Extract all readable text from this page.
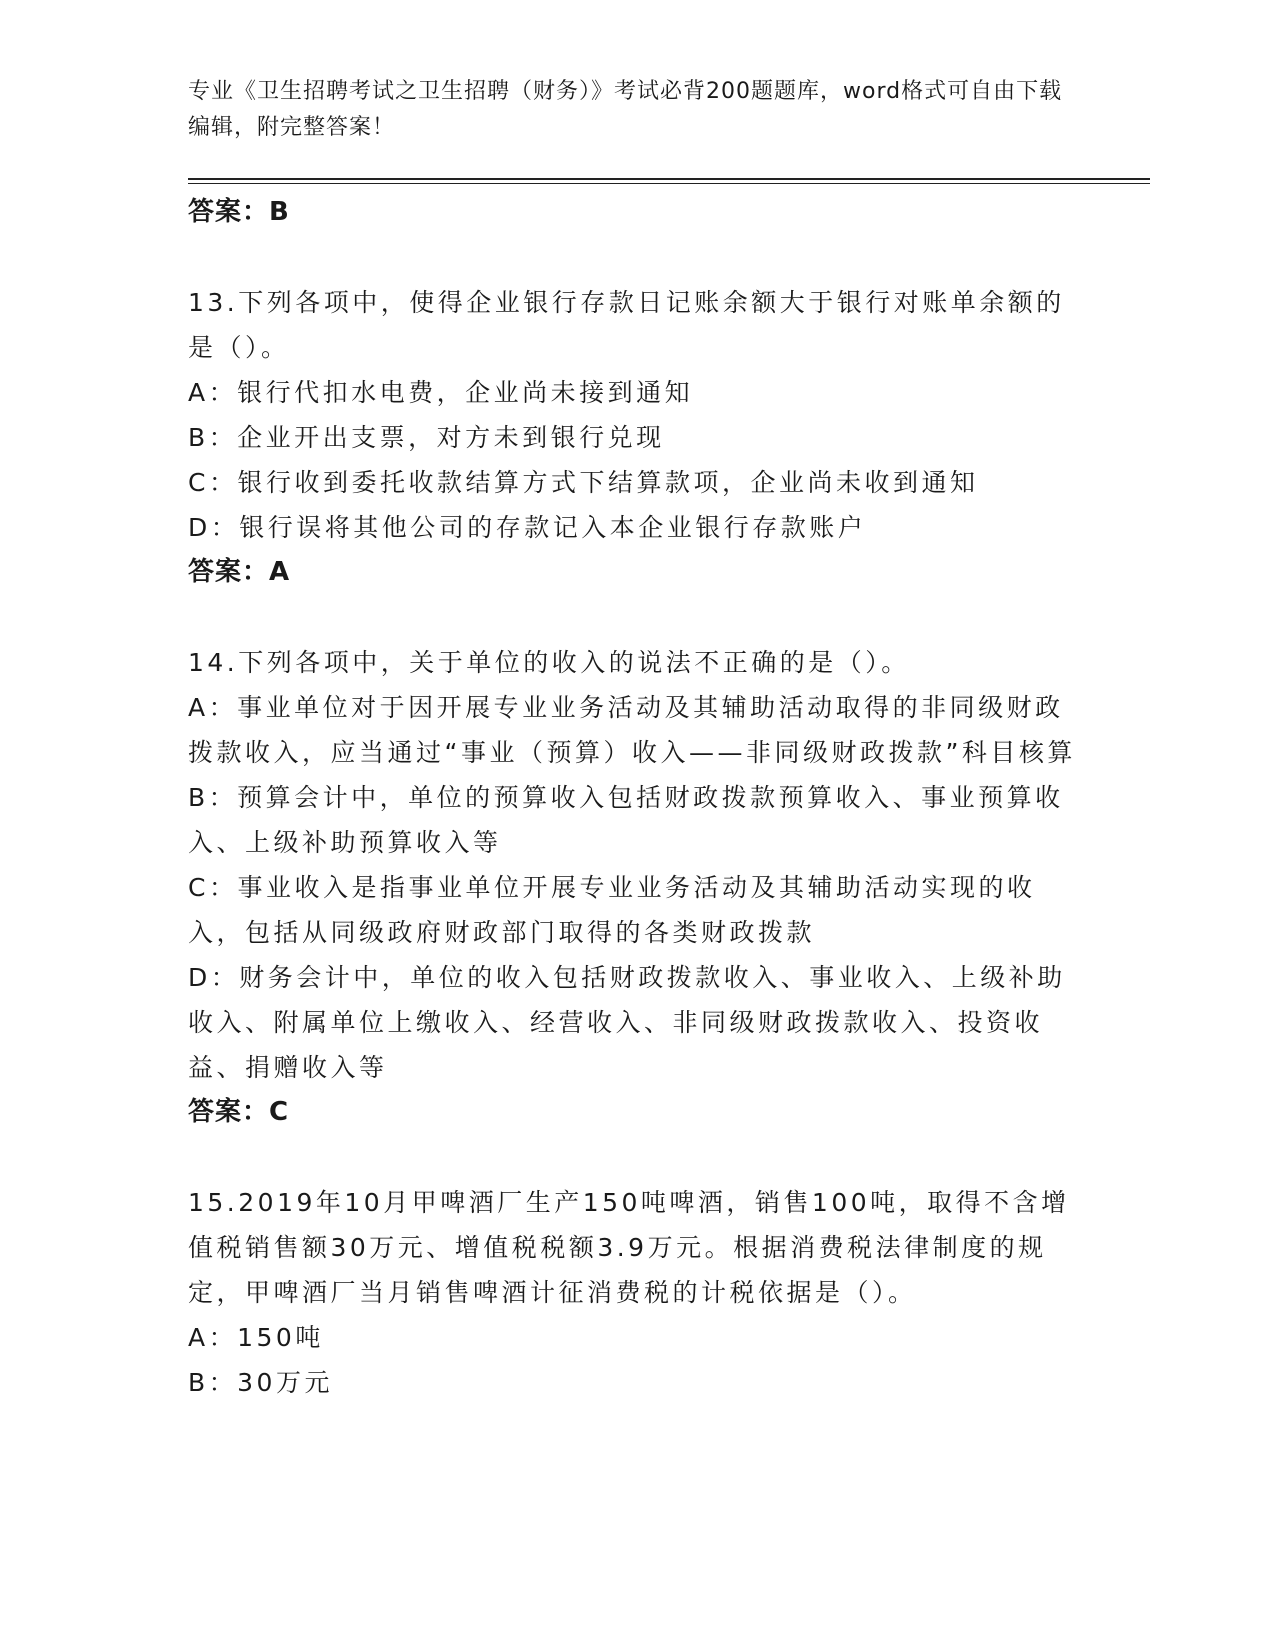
专业《卫生招聘考试之卫生招聘（财务）》考试必背200题题库，word格式可自由下载编辑，附完整答案！

答案：B

13.下列各项中，使得企业银行存款日记账余额大于银行对账单余额的是（）。

A：银行代扣水电费，企业尚未接到通知

B：企业开出支票，对方未到银行兑现

C：银行收到委托收款结算方式下结算款项，企业尚未收到通知

D：银行误将其他公司的存款记入本企业银行存款账户

答案：A

14.下列各项中，关于单位的收入的说法不正确的是（）。

A：事业单位对于因开展专业业务活动及其辅助活动取得的非同级财政拨款收入，应当通过“事业（预算）收入——非同级财政拨款”科目核算

B：预算会计中，单位的预算收入包括财政拨款预算收入、事业预算收入、上级补助预算收入等

C：事业收入是指事业单位开展专业业务活动及其辅助活动实现的收入，包括从同级政府财政部门取得的各类财政拨款

D：财务会计中，单位的收入包括财政拨款收入、事业收入、上级补助收入、附属单位上缴收入、经营收入、非同级财政拨款收入、投资收益、捐赠收入等

答案：C

15.2019年10月甲啤酒厂生产150吨啤酒，销售100吨，取得不含增值税销售额30万元、增值税税额3.9万元。根据消费税法律制度的规定，甲啤酒厂当月销售啤酒计征消费税的计税依据是（）。

A：150吨

B：30万元
